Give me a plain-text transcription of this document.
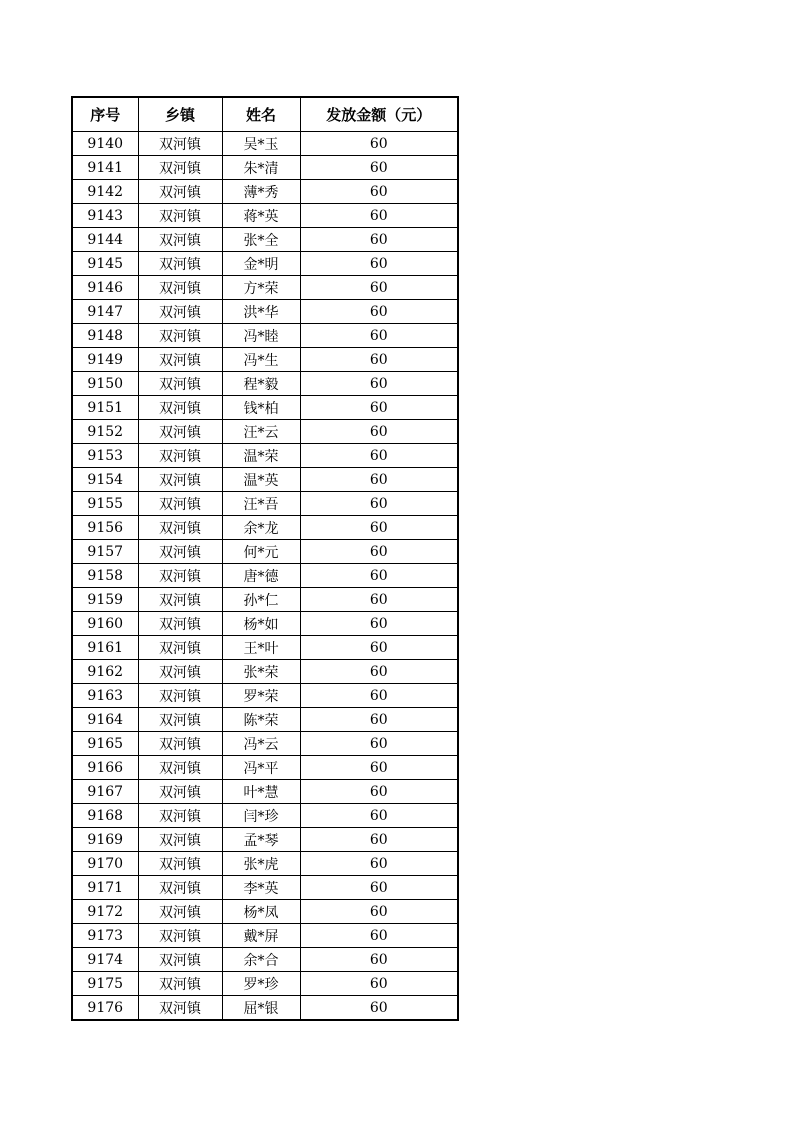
序号	乡镇	姓名	发放金额（元）
9140	双河镇	吴*玉	60
9141	双河镇	朱*清	60
9142	双河镇	薄*秀	60
9143	双河镇	蒋*英	60
9144	双河镇	张*全	60
9145	双河镇	金*明	60
9146	双河镇	方*荣	60
9147	双河镇	洪*华	60
9148	双河镇	冯*睦	60
9149	双河镇	冯*生	60
9150	双河镇	程*毅	60
9151	双河镇	钱*柏	60
9152	双河镇	汪*云	60
9153	双河镇	温*荣	60
9154	双河镇	温*英	60
9155	双河镇	汪*吾	60
9156	双河镇	余*龙	60
9157	双河镇	何*元	60
9158	双河镇	唐*德	60
9159	双河镇	孙*仁	60
9160	双河镇	杨*如	60
9161	双河镇	王*叶	60
9162	双河镇	张*荣	60
9163	双河镇	罗*荣	60
9164	双河镇	陈*荣	60
9165	双河镇	冯*云	60
9166	双河镇	冯*平	60
9167	双河镇	叶*慧	60
9168	双河镇	闫*珍	60
9169	双河镇	孟*琴	60
9170	双河镇	张*虎	60
9171	双河镇	李*英	60
9172	双河镇	杨*凤	60
9173	双河镇	戴*屏	60
9174	双河镇	余*合	60
9175	双河镇	罗*珍	60
9176	双河镇	屈*银	60
